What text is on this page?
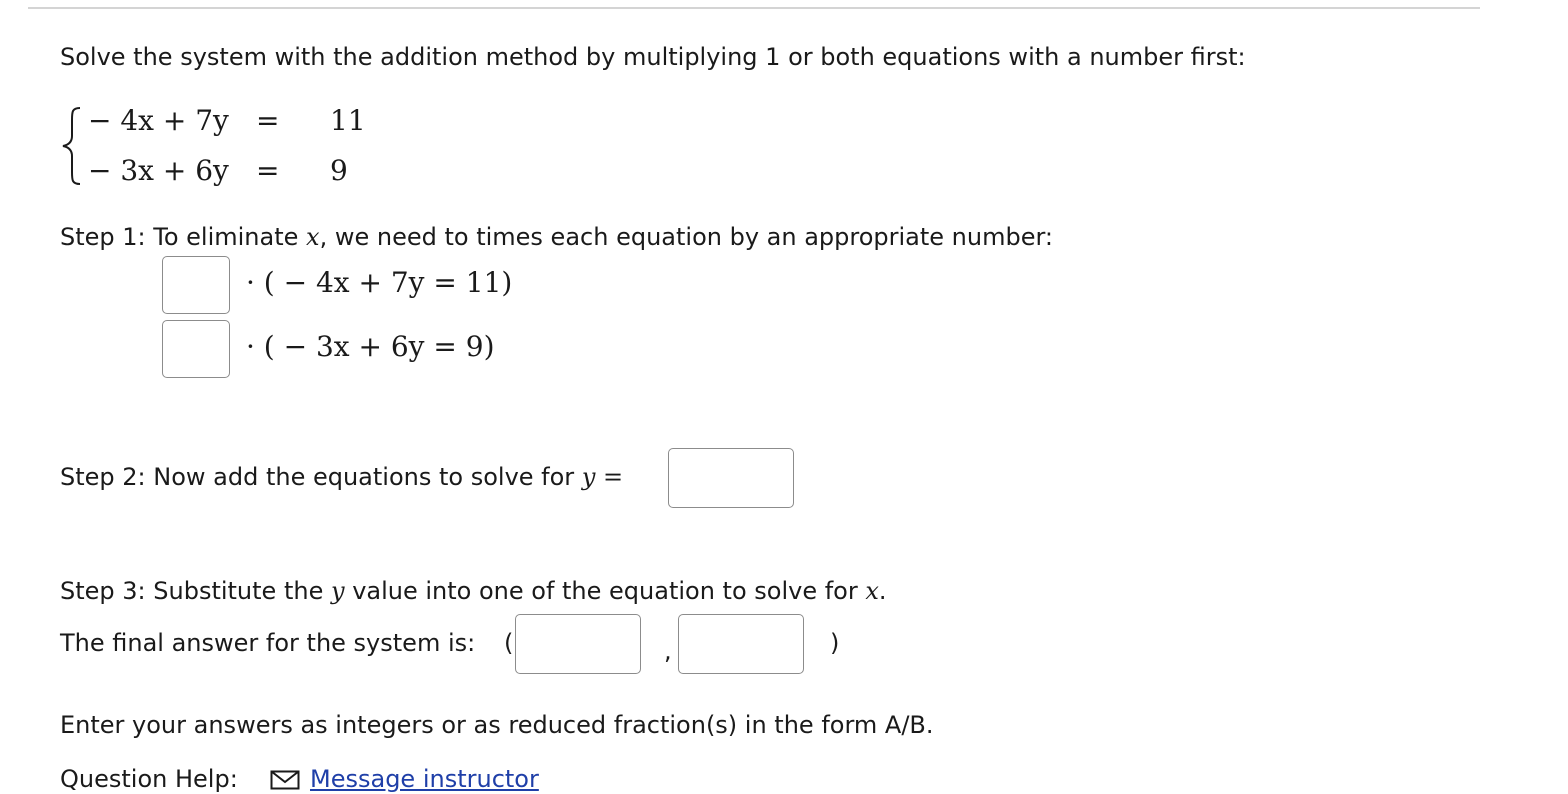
Solve the system with the addition method by multiplying 1 or both equations with a number first:
− 4x + 7y = 11
− 3x + 6y = 9
Step 1: To eliminate x, we need to times each equation by an appropriate number:
· ( − 4x + 7y = 11)
· ( − 3x + 6y = 9)
Step 2: Now add the equations to solve for y =
Step 3: Substitute the y value into one of the equation to solve for x.
The final answer for the system is: (	,	)
Enter your answers as integers or as reduced fraction(s) in the form A/B.
Question Help:	Message instructor
